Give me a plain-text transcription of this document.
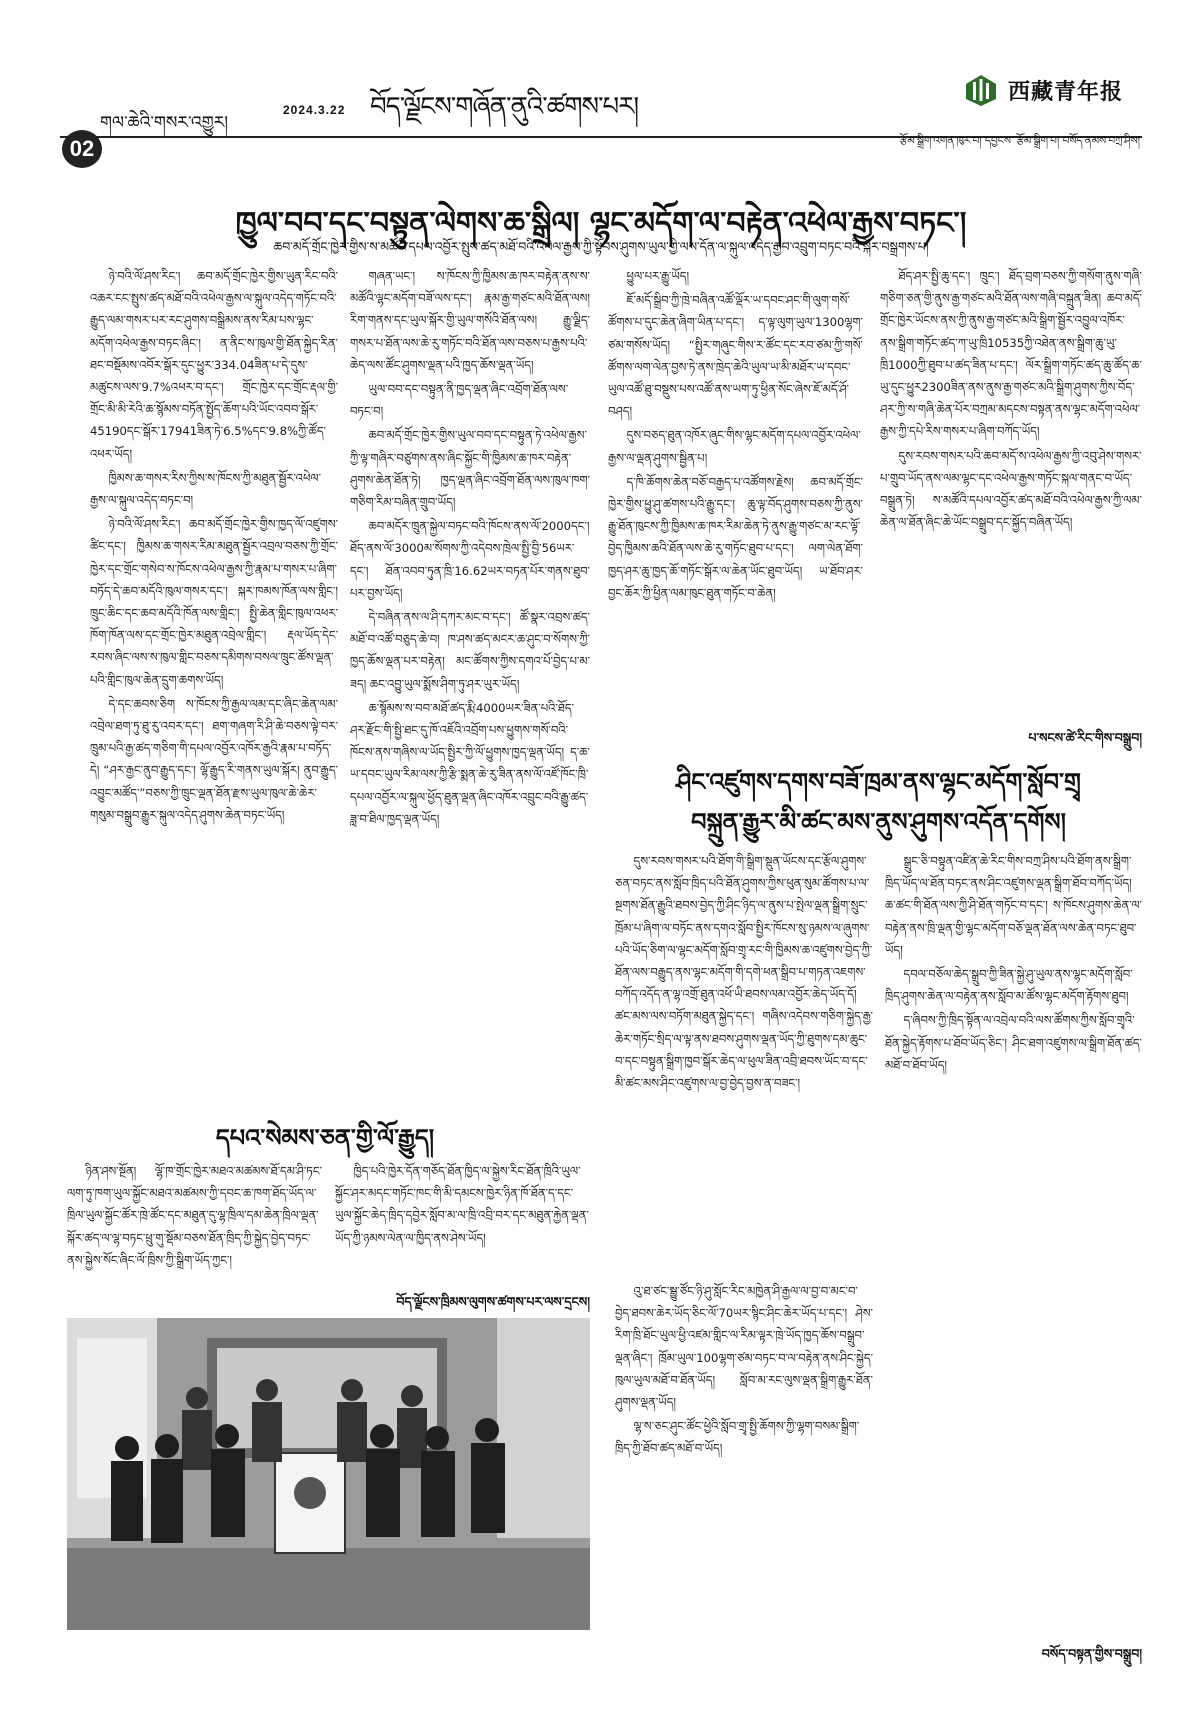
གལ་ཆེའི་གསར་འགྱུར།
2024.3.22 བོད་ལྗོངས་གཞོན་ནུའི་ཚགས་པར།	西藏青年报
02	རྩོམ་སྒྲིག་འགན་ཁུར་བ། དབྱངས་ རྩོམ་སྒྲིག་པ། བསོད་ནམས་བཀྲ་ཤིས།
ཁྱུལ་བབ་དང་བསྟུན་ལེགས་ཆ་སྒྲིལ། ལྷང་མདོག་ལ་བརྟེན་འཕེལ་རྒྱས་བཏང་།
ཆབ་མདོ་གྲོང་ཁྱེར་གྱིས་ས་མཚོའི་དཔལ་འབྱོར་སྤུས་ཚད་མཐོ་བའི་འཕེལ་རྒྱས་ཀྱི་སྟོབས་ཤུགས་ཡུལ་གྱི་ལས་དོན་ལ་སྐུལ་འདེད་རྒྱབ་འབྲུག་བཏང་བའི་སྐོར་བསྒྲགས་པ།

ཉེ་བའི་ལོ་ཤས་རིང་། ཆབ་མདོ་གྲོང་ཁྱེར་གྱིས་ཡུན་རིང་བའི་འཆར་ངང་སྤུས་ཚད་མཐོ་བའི་འཕེལ་རྒྱས་ལ་སྐུལ་འདེད་གཏོང་བའི་རྒྱུད་ལམ་གསར་པར་རང་ཤུགས་བསྒྲིམས་ནས་རིམ་པས་ལྷང་མདོག་འཕེལ་རྒྱས་བཏང་ཞིང་། ན་ནིང་ས་ཁུལ་གྱི་ཐོན་སྐྱེད་རིན་ཐང་བསྡོམས་འབོར་སྒོར་དུང་ཕྱུར་334.04ཟིན་པ་དེ་དུས་མཚུངས་ལས་9.7%འཕར་བ་དང་། གྲོང་ཁྱེར་དང་གྲོང་རྡལ་གྱི་གྲོང་མི་མི་རེའི་ཆ་སྙོམས་བཏོན་སྤྱོད་ཆོག་པའི་ཡོང་འབབ་སྒོར་45190དང་སྒོར་17941ཟིན་ཏེ་6.5%དང་9.8%ཀྱི་ཚོད་འཕར་ཡོད།

ཁྱིམས་ཆ་གསར་རིས་ཀྱིས་ས་ཁོངས་ཀྱི་མཐུན་སྦྱོར་འཕེལ་རྒྱས་ལ་སྐུལ་འདེད་བཏང་བ།

ཉེ་བའི་ལོ་ཤས་རིང་། ཆབ་མདོ་གྲོང་ཁྱེར་གྱིས་ཁྱད་ལོ་འཛུགས་ཚིང་དང་། ཁྱིམས་ཆ་གསར་རིམ་མཐུན་སྦྱོར་འབྲལ་བཅས་ཀྱི་གྲོང་ཁྱེར་དང་གྲོང་གསེབ་ས་ཁོངས་འཕེལ་རྒྱས་ཀྱི་རྣམ་པ་གསར་པ་ཞིག་བཏོད་དེ་ཆབ་མདོའི་ཁུལ་གསར་དང་། སྐར་ཁམས་ཁོན་ལས་གླིང་། ཁྲུང་ཆིང་དང་ཆབ་མདོའི་ཁོན་ལས་གླིང་། སྤྱི་ཆེན་གླིང་ཁུལ་འཕར་ཁོག་ཁོན་ལས་དང་གྲོང་ཁྱེར་མཐུན་འབྲེལ་གླིང་། རྡལ་ཡོད་དེང་རབས་ཞིང་ལས་ས་ཁུལ་གླིང་བཅས་དམིགས་བསལ་ཁྲུང་ཚོས་ལྡན་པའི་གླིང་ཁུལ་ཆེན་དྲུག་ཆགས་ཡོད།

དེ་དང་ཆབས་ཅིག ས་ཁོངས་ཀྱི་རྒྱལ་ལམ་དང་ཞིང་ཆེན་ལམ་འབྲེལ་ཐག་ཏུ་ཐུ་རུ་འབར་དང་། ཐག་གཞག་རི་ཤི་ཆེ་བཅས་ལྟེ་བར་ཁྲུམ་པའི་རྒྱ་ཚད་གཅིག་གི་དཔལ་འབྱོར་འཁོར་རྒྱའི་རྣམ་པ་བཏོད་དེ། “ཤར་རྒྱང་ནུབ་རྒྱུད་དང་། ལྷོ་རྒྱུད་རི་གནས་ཡུལ་སྐོར། ནུབ་རྒྱུད་འབྱུང་མཚོད་”བཅས་ཀྱི་ཁྲུང་ལྡན་ཐོན་རྫས་ཡུལ་ཁུལ་ཆེ་ཆེར་གསུམ་བསྒྲུབ་རྒྱུར་སྐུལ་འདེད་ཤུགས་ཆེན་བཏང་ཡོད།

གཞན་ཡང་། ས་ཁོངས་ཀྱི་ཁྱིམས་ཆ་ཁར་བརྟེན་ནས་ས་མཚོའི་ལྷང་མདོག་བཟོ་ལས་དང་། རྣམ་རྒྱ་གཙང་མའི་ཐོན་ལས། རིག་གནས་དང་ཡུལ་སྐོར་གྱི་ཡུལ་གསོའི་ཐོན་ལས། རྒྱུ་ལྗིད་གསར་པ་ཐོན་ལས་ཆེ་རུ་གཏོང་བའི་ཐོན་ལས་བཅས་པ་རྒྱས་པའི་ཆེད་ལས་ཚོང་ཤུགས་ལྡན་པའི་ཁྱད་ཆོས་ལྡན་ཡོད།

ཡུལ་བབ་དང་བསྟུན་ནི་ཁྱད་ལྡན་ཞིང་འབྲོག་ཐོན་ལས་བཏང་བ།

ཆབ་མདོ་གྲོང་ཁྱེར་གྱིས་ཡུལ་བབ་དང་བསྟུན་ཏེ་འཕེལ་རྒྱས་ཀྱི་ལྟ་གཞིར་བཙུགས་ནས་ཞིང་སྐྱོང་གི་ཁྱིམས་ཆ་ཁར་བརྟེན་ཤུགས་ཆེན་ཐོན་ཏེ། ཁྱད་ལྡན་ཞིང་འབྲོག་ཐོན་ལས་ཁུལ་ཁག་གཅིག་རིམ་བཞིན་གྲུབ་ཡོད།

ཆབ་མདོར་ཁྲུན་སྐྱེལ་བཏང་བའི་ཁོངས་ནས་ལོ་2000དང་། ཐོད་ནས་ལོ་3000མ་སོགས་ཀྱི་འདེབས་ཁྲེལ་སྤྱི་བྱི་56ཡར་དང་། ཐོན་འབབ་ཏུན་ཁྲི་16.62ཡར་བཏན་པོར་གནས་ཐུབ་པར་བྱས་ཡོད།

དེ་བཞིན་ནས་ལ་ཤི་དཀར་མང་བ་དང་། ཚོ་སྣར་འབྲས་ཚད་མཐོ་བ་འཚོ་བཅུད་ཆེ་བ། ཁ་ཤས་ཚད་མངར་ཆ་ཤུང་བ་སོགས་ཀྱི་ཁྱད་ཆོས་ལྡན་པར་བརྟེན། མང་ཚོགས་ཀྱིས་དགའ་པོ་བྱེད་པ་མ་ཟད། ཆང་འབྱུ་ཡུལ་སྨོས་ཤིག་ཏུ་ཤར་ཡུར་ཡོད།

ཆ་སྙོམས་ས་བབ་མཐོ་ཚད་རྨི་4000ཡར་ཟིན་པའི་ཐོད་ཤར་རྫོང་གི་སྤྱི་ཐང་དུ་ཁོ་འཇོའི་འབྲོག་པས་ཕྱུགས་གསོ་བའི་ཁོངས་ནས་གཞིས་ལ་ཡོད་སྤྱིར་ཀྱི་ལོ་ཕྱུགས་ཁྱད་ལྡན་ཡོད། ད་ཆ་ཡ་དབང་ཡུལ་རིམ་ལས་ཀྱི་རྩི་སྨན་ཆེ་རུ་ཟིན་ནས་ལོ་འཛོ་ཁོང་ཁྲི་དཔལ་འབྱོར་ལ་སྐུལ་ཕྱོད་ཐུན་ལྡན་ཞིང་འཁོར་འབྲུང་བའི་རྒྱུ་ཚད་ཟླ་བ་ཐིལ་ཁྱད་ལྡན་ཡོད།

ཕྱུལ་པར་རྒྱུ་ཡོད།

ཇོ་མདོ་སྒྲིབ་ཀྱི་ཁྲེ་བཞིན་འཚོ་ལྡོར་ཡ་དབང་ཤང་གི་ལུག་གསོ་ཚོགས་པ་དུང་ཆེན་ཞིག་ཡིན་པ་དང་། ད་ལྟ་ལུག་ཡུལ་1300ལྷག་ཙམ་གསོས་ཡོད། “སྤྱིར་གཞུང་གིས་ར་ཚོང་དང་རབ་ཙམ་ཀྱི་གསོ་ཚོགས་ལག་ལེན་བྱས་ཏེ་ནས་ཁྲེད་ཆེའི་ཡུལ་ཡ་མི་མཐོར་ཡ་དབང་ཡུལ་འཚོ་ཐུ་བསྡུས་པས་འཚོ་ནས་ཡག་ཏུ་ཕྱིན་སོང་ཞེས་ཇོ་མདོ་ཤོ་བཤད།

དུས་བཅད་ཐུན་འཁོར་ཞུང་གིས་ལྷང་མདོག་དཔལ་འབྱོར་འཕེལ་རྒྱས་ལ་ལྡན་ཤུགས་སྦྱིན་པ།

ད་ཁི་ཆོགས་ཆེན་བཅོ་བརྒྱད་པ་འཚོགས་རྗེས། ཆབ་མདོ་གྲོང་ཁྱེར་གྱིས་ཕྱུ་ཤུ་ཚགས་པའི་རྒྱུ་དང་། ཆུ་ལྟ་བོད་ཤུགས་བཅས་ཀྱི་ནུས་རྒྱུ་ཐོན་ཁུངས་ཀྱི་ཁྱིམས་ཆ་ཁར་རིམ་ཆེན་ཏེ་ནུས་རྒྱུ་གཙང་མ་རང་ལྟོ་བྱེད་ཁྱིམས་ཆའི་ཐོན་ལས་ཆེ་རུ་གཏོང་ཐུབ་པ་དང་། ལག་ལེན་ཐོག་ཁྱད་ཤར་ཆུ་ཁྱད་ཆོ་གཏོང་སྒོར་ལ་ཆེན་ཡོང་ཐུབ་ཡོད། ཡ་ཐོབ་ཤར་བྱང་ཆོར་ཀྱི་ཕྱིན་ལམ་ཁུང་ཐུན་གཏོང་བ་ཆེན།

ཐོད་ཤར་སྤྱི་ཆུ་དང་། ཁྲུང་། ཐོད་བྲག་བཅས་ཀྱི་གསོག་ནུས་གཞི་གཅིག་ཅན་གྱི་ནུས་རྒྱ་གཙང་མའི་ཐོན་ལས་གཞི་བསྐྲུན་ཟིན། ཆབ་མདོ་གྲོང་ཁྱེར་ཡོངས་ནས་ཀྱི་ནུས་རྒྱ་གཙང་མའི་སྒྲིག་སྦྱོར་འབྱུལ་འཁོར་ནས་སྒྲིག་གཏོང་ཚད་ཀ་ཡུ་ཁྲི10535ཀྱི་འཐེན་ནས་སྒྲིག་ཆུ་ཡུ་ཁྲི1000ཀྱི་ཐུབ་པ་ཚད་ཟིན་པ་དང་། ལོར་སྒྲིག་གཏོང་ཚད་ཆུ་ཚོད་ཆ་ཡུ་དུང་ཕྱུར2300ཟིན་ནས་ནུས་རྒྱ་གཙང་མའི་སྒྲིག་ཤུགས་ཀྱིས་བོད་ཤར་ཀྱི་ས་གཞི་ཆེན་པོར་བཀྲམ་མདངས་བསྟན་ནས་ལྷང་མདོག་འཕེལ་རྒྱས་ཀྱི་དཔེ་རིས་གསར་པ་ཞིག་བཀོད་ཡོད།

དུས་རབས་གསར་པའི་ཆབ་མདོ་ས་འཕེལ་རྒྱས་ཀྱི་འབུ་ཤེས་གསར་པ་གྲུབ་ཡོད་ནས་ལམ་ལྷང་དང་འཕེལ་རྒྱས་གཏོང་སྐལ་གནང་བ་ཡོད་བསྒྲུན་ཏེ། ས་མཚོའི་དཔལ་འབྱོར་ཚད་མཐོ་བའི་འཕེལ་རྒྱས་ཀྱི་ལམ་ཆེན་ལ་ཐོན་ཞིང་ཆེ་ཡོང་བསྒྲུབ་དང་སྐྱོད་བཞིན་ཡོད།

པ་སངས་ཚེ་རིང་གིས་བསྒྲུབ།
ཤིང་འཛུགས་དགས་བཟོ་ཁྲམ་ནས་ལྷང་མདོག་སློབ་གྲྭ
བསྐྲུན་རྒྱུར་མི་ཚང་མས་ནུས་ཤུགས་འདོན་དགོས།

དུས་རབས་གསར་པའི་ཐོག་གི་སྒྲིག་སྡུན་ཡོངས་དང་རྩོལ་ཤུགས་ཅན་བཏང་ནས་སློབ་ཁྲིད་པའི་ཐོན་ཤུགས་ཀྱིས་ཕུན་སུམ་ཚོགས་པ་ལ་སྔགས་ཐོན་རྒྱུའི་ཐབས་བྱེད་ཀྱི་ཤིང་ཉིད་ལ་ནུས་པ་སྤེལ་ལྡན་སྒྲིག་སྲུང་ཁྲོམ་པ་ཞིག་ལ་བཏོང་ནས་དགའ་སློབ་སྤྱིར་ཁོངས་སུ་ཉམས་ལ་ཞུགས་པའི་ཡོད་ཅིག་ལ་ལྷང་མདོག་སློབ་གྲྭ་རང་གི་ཁྱིམས་ཆ་འཛུགས་བྱེད་ཀྱི་ཐོན་ལས་བརྒྱུད་ནས་ལྷང་མདོག་གི་དགེ་ཕན་སྒྲིབ་པ་གཏན་འཇགས་བཀོད་འདོད་ན་ལྷ་འགྲོ་ཐུན་འཕོ་ཡི་ཐབས་ལམ་འབྱོར་ཆེད་ཡོད་དོ། ཚང་མས་ལས་བཏོག་མཐུན་སྐྱེད་དང་། གཞིས་འདེབས་གཅིག་སྐྱེད་རྒྱ་ཆེར་གཏོང་སྲིད་ལ་ལྟ་ནས་ཐབས་ཤུགས་ལྡན་ཡོད་ཀྱི་ཐུགས་དམ་ཆུང་བ་དང་བསྟུན་སྒྲིག་ཁྱབ་སྒོར་ཆེད་ལ་ཕུལ་ཟིན་འབྲི་ཐབས་ཡོང་བ་དང་མི་ཚང་མས་ཤིང་འཛུགས་ལ་བྱ་བྱེད་བྱས་ན་བཟང་།

འུ་ཐ་ཙང་སྦྱུ་ཙོང་ཉི་ཤུ་སློང་རིང་མཁྱེན་ཤི་རྒྱལ་ལ་བྱ་བ་མང་བ་བྱེད་ཐབས་ཆེར་ཡོད་ཅིང་ལོ་70ཡར་སྙིང་ཤིང་ཆེར་ཡོད་པ་དང་། ཤེས་རིག་ཁྲི་ཐོང་ཡུལ་ཕྱི་འཛམ་གླིང་ལ་རིམ་ལྟར་ཁྲེ་ཡོད་ཁྱད་ཆོས་བསྒྲུབ་ལྡན་ཞིང་། ཁྲོམ་ཡུལ་100ལྷག་ཙམ་བཏང་བ་ལ་བརྟེན་ནས་ཤིང་སྐྱེད་ཁུལ་ཡུལ་མཐོ་བ་ཐོན་ཡོད། སློབ་མ་རང་ལུས་ལྡན་སྒྲིག་རྒྱུར་ཐོན་ཤུགས་ལྡན་ཡོད།

ལྷ་ས་ཅང་ཤུང་ཚོང་ཕྱེའི་སློབ་གྲྭ་སྤྱི་ཆོགས་ཀྱི་ལྷག་བསམ་སྒྲིག་ཁྲིད་ཀྱི་ཐོབ་ཚད་མཐོ་བ་ཡོད།

སྒྲུང་ཅི་བསྟུན་འཛིན་ཆེ་རིང་གིས་བཀྲ་ཤིས་པའི་ཐོག་ནས་སྒྲིག་ཁྲིད་ཡོད་ལ་ཐོན་བཏང་ནས་ཤིང་འཛུགས་ལྡན་སྒྲིག་ཐོབ་བཀོད་ཡོད། ཆ་ཚང་གི་ཐོན་ལས་ཀྱི་ཤི་ཐོན་གཏོང་བ་དང་། ས་ཁོངས་ཤུགས་ཆེན་ལ་བརྟེན་ནས་ཁྲི་ལྡན་གྱི་ལྷང་མདོག་བཅོ་ལྡན་ཐོན་ལས་ཆེན་བཏང་ཐུབ་ཡོད།

དབལ་བཅོལ་ཆེད་སྒྲུབ་ཀྱི་ཟིན་སྐྱེ་ཤུ་ཡུལ་ནས་ལྷང་མདོག་སློབ་ཁྲིད་ཤུགས་ཆེན་ལ་བརྟེན་ནས་སློབ་མ་ཚོས་ལྷང་མདོག་རྟོགས་ཐུབ།

ད་ཞིབས་ཀྱི་ཁྲིད་སྟོན་ལ་འབྲེལ་བའི་ལས་ཚོགས་ཀྱིས་སློབ་གྲྭའི་ཐོན་སྐྱེད་རྟོགས་པ་ཐོབ་ཡོད་ཅིང་། ཤིང་ཐག་འཛུགས་ལ་སྒྲིག་ཐོན་ཚད་མཐོ་བ་ཐོབ་ཡོད།

བསོད་བསྟན་གྱིས་བསྒྲུབ།
དཔའ་སེམས་ཅན་གྱི་ལོ་རྒྱུད།

ཉིན་ཤས་སྔོན། ལྷོ་ཁ་གྲོང་ཁྱེར་མཐའ་མཚམས་ཐོ་དམ་ཤི་ཏང་ལག་ཏུ་ཁག་ཡུལ་སྐྱོང་མཐའ་མཚམས་ཀྱི་དབང་ཆ་ཁག་ཐོད་ཡོད་ལ་ཁྲིལ་ཡུལ་སྐྱོང་ཚོར་ཁྲེ་ཚོང་དང་མཐུན་དུ་ལྷ་ཁྲིལ་དམ་ཆེན་ཁྲིལ་ལྡན་སྐོར་ཚད་ལ་ལྷ་བཏང་ཕྲུ་གུ་སྡོམ་བཅས་ཐོན་ཁྲིད་ཀྱི་སྐྱེད་བྱེད་བཏང་ནས་སྐྱེས་སོང་ཞིང་ལོ་ཁྲིས་ཀྱི་སྒྲིག་ཡོད་ཀྱང་།

ཁྱིད་པའི་ཁྱེར་དོན་གཅོད་ཐོན་ཁྱིད་ལ་སྐྱེས་རིང་ཐོན་ཁྲིའི་ཡུལ་སྐྱོང་ཤར་མདང་གཏོང་ཁང་གི་མི་དམངས་ཁྱེར་ཉིན་ཁོ་ཐོན་ད་དང་ཡུལ་སྐྱོང་ཆེད་ཁྲིད་དབྱེར་སློབ་མ་ལ་ཁྲི་འབྲི་བར་དང་མཐུན་རྐྱེན་ལྡན་ཡོད་ཀྱི་ཉམས་ལེན་ལ་ཁྱིད་ནས་ཤེས་ཡོད།

བོད་ལྗོངས་ཁྲིམས་ལུགས་ཚགས་པར་ལས་དྲངས།
